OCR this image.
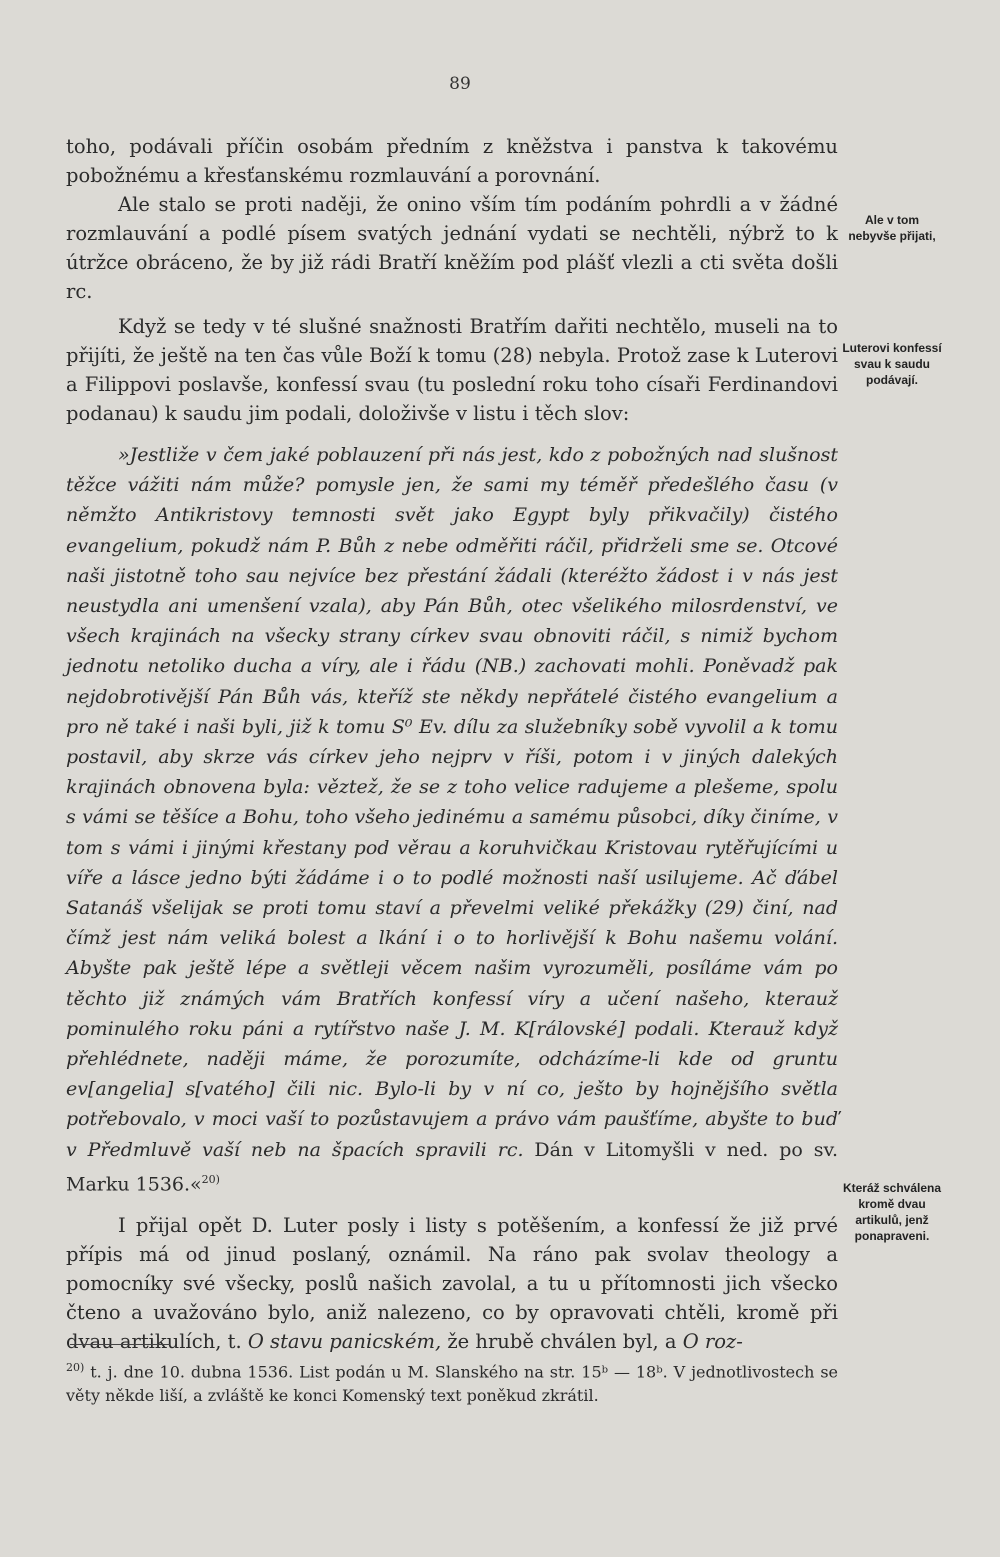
89

toho, podávali příčin osobám předním z kněžstva i panstva k takovému pobožnému a křesťanskému rozmlauvání a porovnání.

Ale stalo se proti naději, že onino vším tím podáním pohrdli a v žádné rozmlauvání a podlé písem svatých jednání vydati se nechtěli, nýbrž to k útržce obráceno, že by již rádi Bratří kněžím pod plášť vlezli a cti světa došli rc.

Když se tedy v té slušné snažnosti Bratřím dařiti nechtělo, museli na to přijíti, že ještě na ten čas vůle Boží k tomu (28) nebyla. Protož zase k Luterovi a Filippovi poslavše, konfessí svau (tu poslední roku toho císaři Ferdinandovi podanau) k saudu jim podali, doloživše v listu i těch slov:

»Jestliže v čem jaké poblauzení při nás jest, kdo z pobožných nad slušnost těžce vážiti nám může? pomysle jen, že sami my téměř předešlého času (v němžto Antikristovy temnosti svět jako Egypt byly přikvačily) čistého evangelium, pokudž nám P. Bůh z nebe odměřiti ráčil, přidrželi sme se. Otcové naši jistotně toho sau nejvíce bez přestání žádali (kteréžto žádost i v nás jest neustydla ani umenšení vzala), aby Pán Bůh, otec všelikého milosrdenství, ve všech krajinách na všecky strany církev svau obnoviti ráčil, s nimiž bychom jednotu netoliko ducha a víry, ale i řádu (NB.) zachovati mohli. Poněvadž pak nejdobrotivější Pán Bůh vás, kteříž ste někdy nepřátelé čistého evangelium a pro ně také i naši byli, již k tomu S⁰ Ev. dílu za služebníky sobě vyvolil a k tomu postavil, aby skrze vás církev jeho nejprv v říši, potom i v jiných dalekých krajinách obnovena byla: věztež, že se z toho velice radujeme a plešeme, spolu s vámi se těšíce a Bohu, toho všeho jedinému a samému působci, díky činíme, v tom s vámi i jinými křestany pod věrau a koruhvičkau Kristovau rytěřujícími u víře a lásce jedno býti žádáme i o to podlé možnosti naší usilujeme. Ač ďábel Satanáš všelijak se proti tomu staví a převelmi veliké překážky (29) činí, nad čímž jest nám veliká bolest a lkání i o to horlivější k Bohu našemu volání. Abyšte pak ještě lépe a světleji věcem našim vyrozuměli, posíláme vám po těchto již známých vám Bratřích konfessí víry a učení našeho, kterauž pominulého roku páni a rytířstvo naše J. M. K[rálovské] podali. Kterauž když přehlédnete, naději máme, že porozumíte, odcházíme-li kde od gruntu ev[angelia] s[vatého] čili nic. Bylo-li by v ní co, ješto by hojnějšího světla potřebovalo, v moci vaší to pozůstavujem a právo vám paušťíme, abyšte to buď v Předmluvě vaší neb na špacích spravili rc. Dán v Litomyšli v ned. po sv. Marku 1536.«$^{20)}$

I přijal opět D. Luter posly i listy s potěšením, a konfessí že již prvé přípis má od jinud poslaný, oznámil. Na ráno pak svolav theology a pomocníky své všecky, poslů našich zavolal, a tu u přítomnosti jich všecko čteno a uvažováno bylo, aniž nalezeno, co by opravovati chtěli, kromě při dvau artikulích, t. O stavu panicském, že hrubě chválen byl, a O roz-

Ale v tom nebyvše přijati,
Luterovi konfessí svau k saudu podávají.
Kteráž schválena kromě dvau artikulů, jenž ponapraveni.
$^{20)}$ t. j. dne 10. dubna 1536. List podán u M. Slanského na str. 15ᵇ — 18ᵇ. V jednotlivostech se věty někde liší, a zvláště ke konci Komenský text poněkud zkrátil.
